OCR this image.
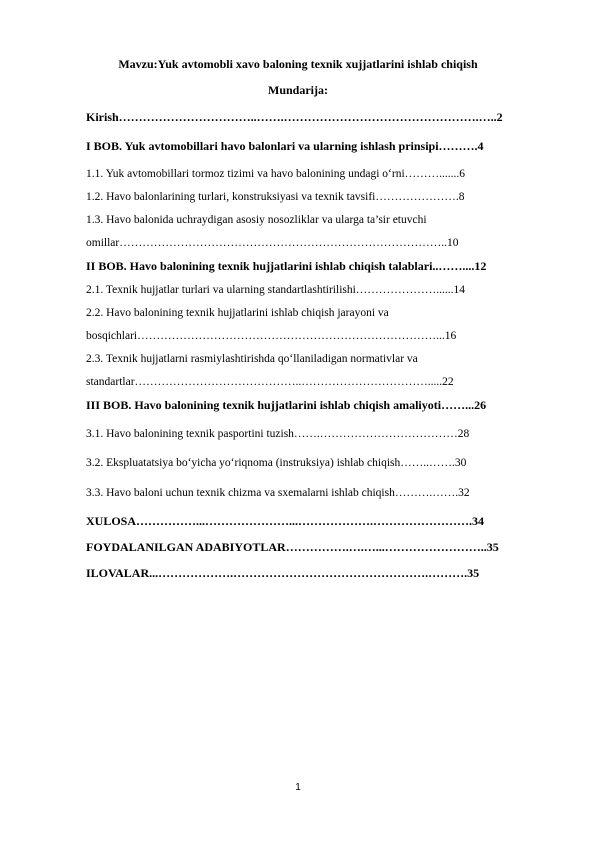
Mavzu:Yuk avtomobli xavo baloning texnik xujjatlarini ishlab chiqish
Mundarija:
Kirish……………………………..…….………………………………………….…..2
I BOB. Yuk avtomobillari havo balonlari va ularning ishlash prinsipi……….4
1.1. Yuk avtomobillari tormoz tizimi va havo balonining undagi o‘rni……….......6
1.2. Havo balonlarining turlari, konstruksiyasi va texnik tavsifi………………….8
1.3. Havo balonida uchraydigan asosiy nosozliklar va ularga ta’sir etuvchi
omillar…………………………………………………………………………..10
II BOB. Havo balonining texnik hujjatlarini ishlab chiqish talablari..……....12
2.1. Texnik hujjatlar turlari va ularning standartlashtirilishi…………………......14
2.2. Havo balonining texnik hujjatlarini ishlab chiqish jarayoni va
bosqichlari……………………………………………………………………...16
2.3. Texnik hujjatlarni rasmiylashtirishda qo‘llaniladigan normativlar va
standartlar……………………………………..…………………………….....22
III BOB. Havo balonining texnik hujjatlarini ishlab chiqish amaliyoti……...26
3.1. Havo balonining texnik pasportini tuzish…….………………………………28
3.2. Ekspluatatsiya bo‘yicha yo‘riqnoma (instruksiya) ishlab chiqish……..…….30
3.3. Havo baloni uchun texnik chizma va sxemalarni ishlab chiqish……….…….32
XULOSA……………...…………………...……………….…………………….34
FOYDALANILGAN ADABIYOTLAR…………….….…...……………………..35
ILOVALAR...……………….………………………………………….……….35
1
